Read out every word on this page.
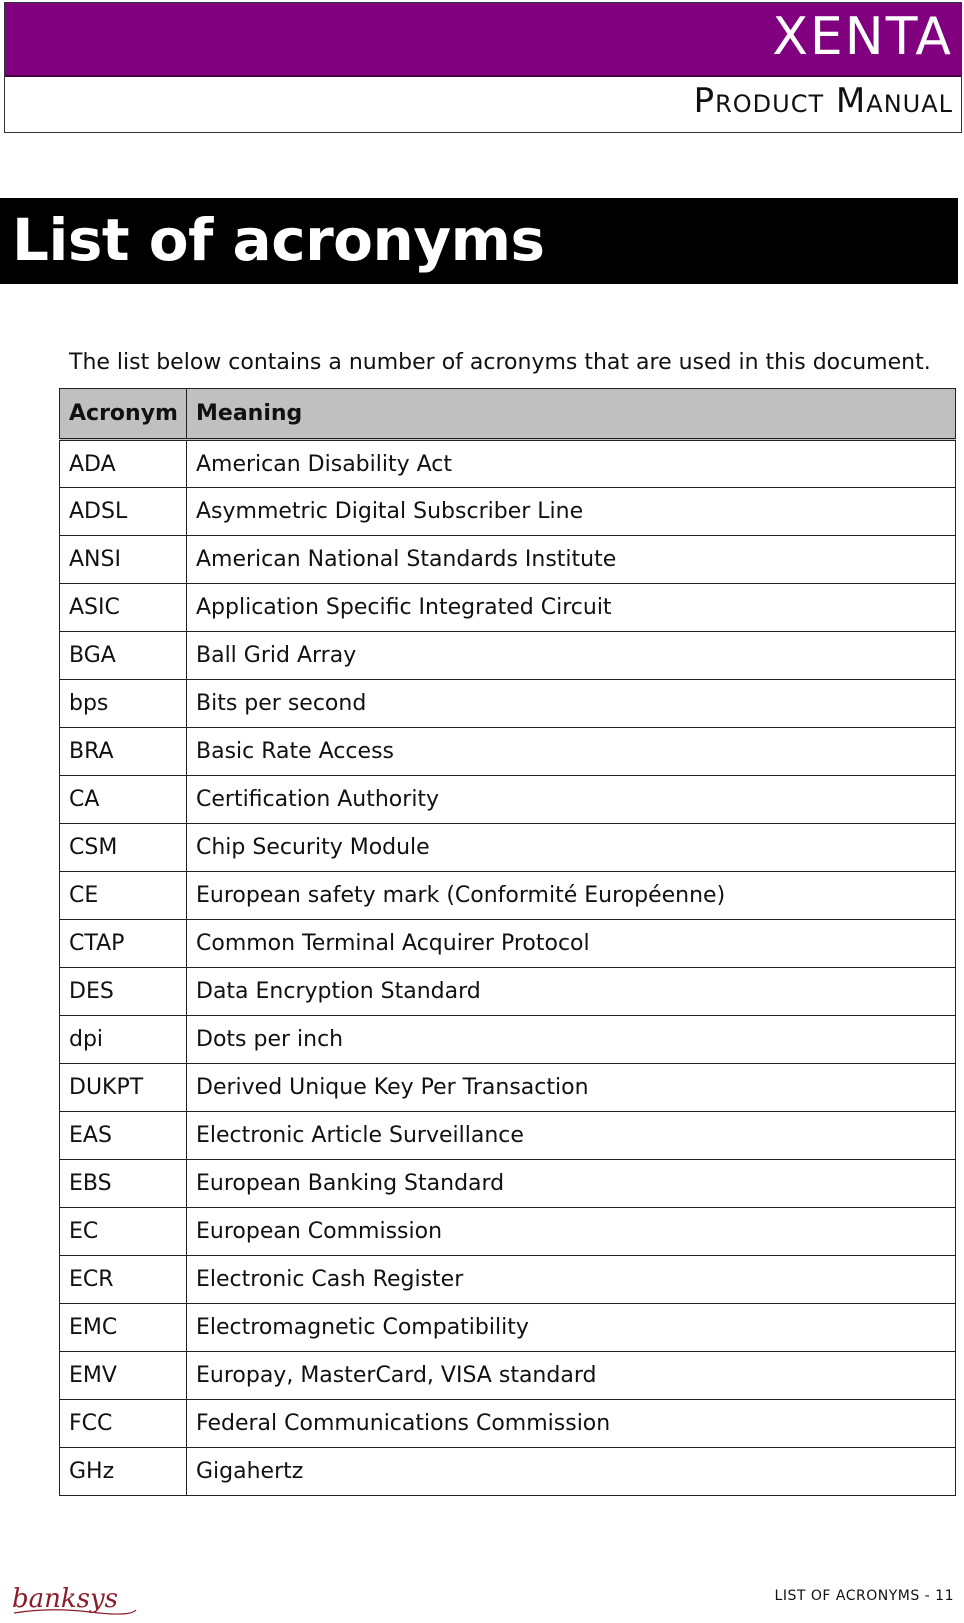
XENTA
Product Manual
List of acronyms
The list below contains a number of acronyms that are used in this document.
Acronym	Meaning
ADA	American Disability Act
ADSL	Asymmetric Digital Subscriber Line
ANSI	American National Standards Institute
ASIC	Application Specific Integrated Circuit
BGA	Ball Grid Array
bps	Bits per second
BRA	Basic Rate Access
CA	Certification Authority
CSM	Chip Security Module
CE	European safety mark (Conformité Européenne)
CTAP	Common Terminal Acquirer Protocol
DES	Data Encryption Standard
dpi	Dots per inch
DUKPT	Derived Unique Key Per Transaction
EAS	Electronic Article Surveillance
EBS	European Banking Standard
EC	European Commission
ECR	Electronic Cash Register
EMC	Electromagnetic Compatibility
EMV	Europay, MasterCard, VISA standard
FCC	Federal Communications Commission
GHz	Gigahertz
banksys	LIST OF ACRONYMS - 11
